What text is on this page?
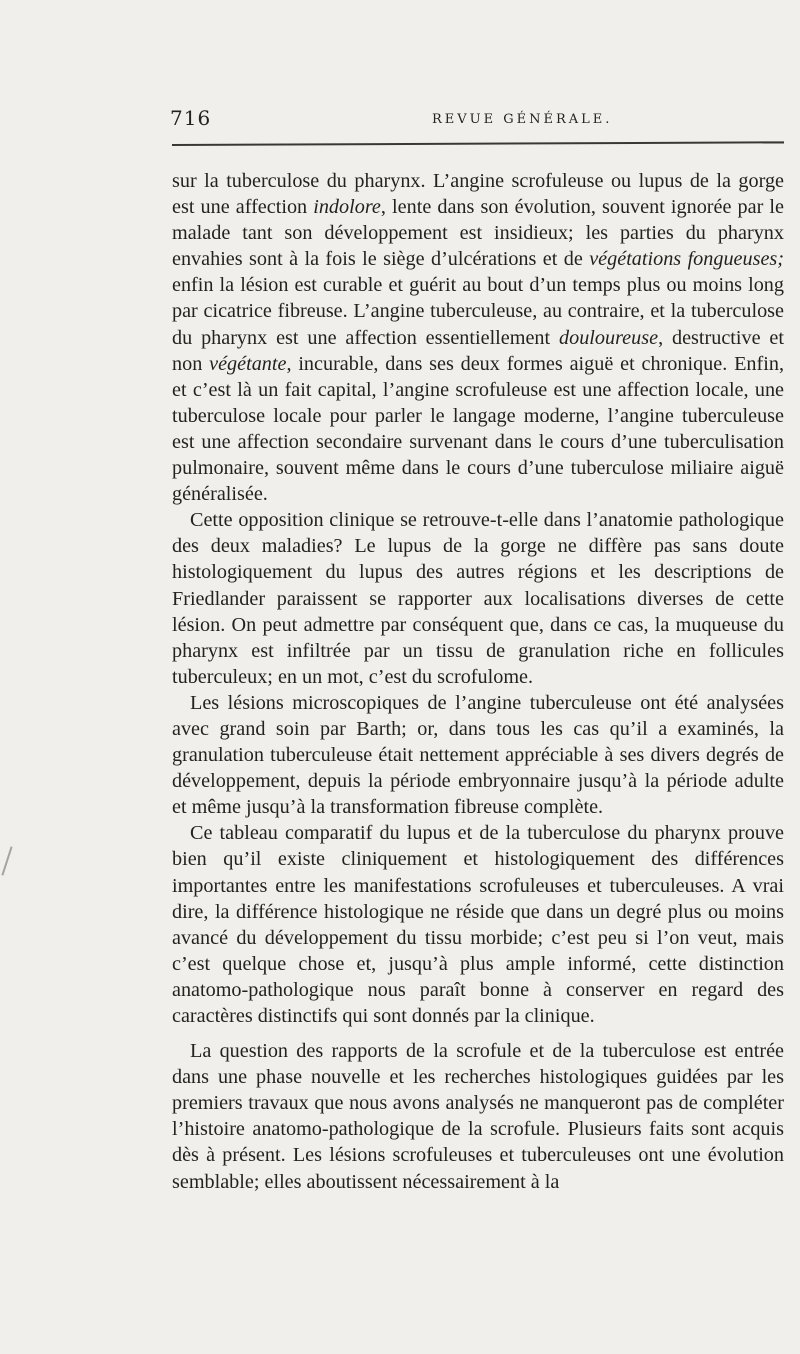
716	REVUE GÉNÉRALE.

sur la tuberculose du pharynx. L’angine scrofuleuse ou lupus de la gorge est une affection indolore, lente dans son évolution, souvent ignorée par le malade tant son développement est insidieux; les parties du pharynx envahies sont à la fois le siège d’ulcérations et de végétations fongueuses; enfin la lésion est curable et guérit au bout d’un temps plus ou moins long par cicatrice fibreuse. L’angine tuberculeuse, au contraire, et la tuberculose du pharynx est une affection essentiellement douloureuse, destructive et non végétante, incurable, dans ses deux formes aiguë et chronique. Enfin, et c’est là un fait capital, l’angine scrofuleuse est une affection locale, une tuberculose locale pour parler le langage moderne, l’angine tuberculeuse est une affection secondaire survenant dans le cours d’une tuberculisation pulmonaire, souvent même dans le cours d’une tuberculose miliaire aiguë généralisée.

Cette opposition clinique se retrouve-t-elle dans l’anatomie pathologique des deux maladies? Le lupus de la gorge ne diffère pas sans doute histologiquement du lupus des autres régions et les descriptions de Friedlander paraissent se rapporter aux localisations diverses de cette lésion. On peut admettre par conséquent que, dans ce cas, la muqueuse du pharynx est infiltrée par un tissu de granulation riche en follicules tuberculeux; en un mot, c’est du scrofulome.

Les lésions microscopiques de l’angine tuberculeuse ont été analysées avec grand soin par Barth; or, dans tous les cas qu’il a examinés, la granulation tuberculeuse était nettement appréciable à ses divers degrés de développement, depuis la période embryonnaire jusqu’à la période adulte et même jusqu’à la transformation fibreuse complète.

Ce tableau comparatif du lupus et de la tuberculose du pharynx prouve bien qu’il existe cliniquement et histologiquement des différences importantes entre les manifestations scrofuleuses et tuberculeuses. A vrai dire, la différence histologique ne réside que dans un degré plus ou moins avancé du développement du tissu morbide; c’est peu si l’on veut, mais c’est quelque chose et, jusqu’à plus ample informé, cette distinction anatomo-pathologique nous paraît bonne à conserver en regard des caractères distinctifs qui sont donnés par la clinique.

La question des rapports de la scrofule et de la tuberculose est entrée dans une phase nouvelle et les recherches histologiques guidées par les premiers travaux que nous avons analysés ne manqueront pas de compléter l’histoire anatomo-pathologique de la scrofule. Plusieurs faits sont acquis dès à présent. Les lésions scrofuleuses et tuberculeuses ont une évolution semblable; elles aboutissent nécessairement à la
